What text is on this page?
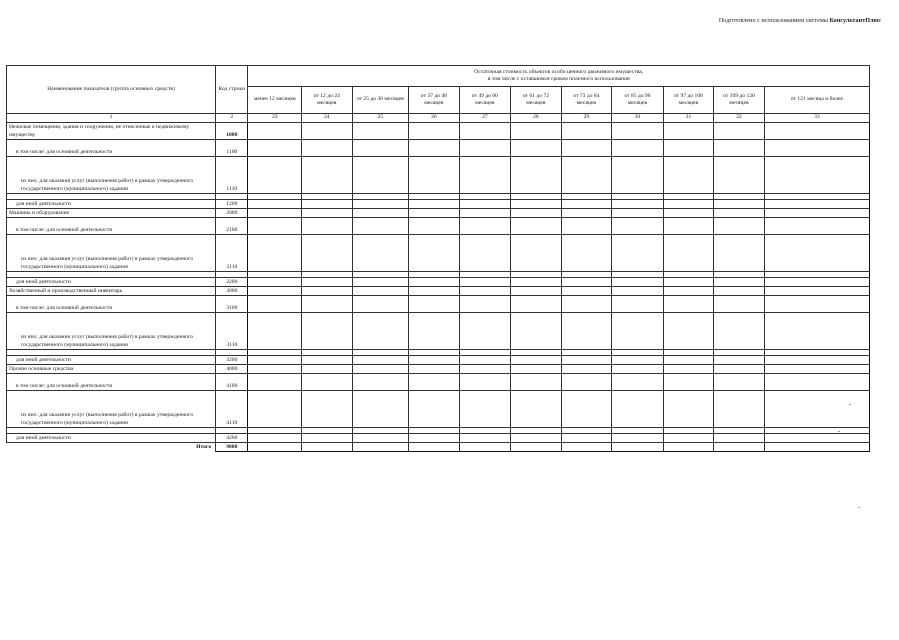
Подготовлено с использованием системы КонсультантПлюс
Наименование показателя (группа основных средств)	Код строки	Остаточная стоимость объектов особо ценного движимого имущества,
в том числе с оставшимся сроком полезного использования										

		менее 12 месяцев	от 12 до 24 месяцев	от 25 до 36 месяцев	от 37 до 48 месяцев	от 49 до 60 месяцев	от 61 до 72 месяцев	от 73 до 84 месяцев	от 85 до 96 месяцев	от 97 до 108 месяцев	от 109 до 120 месяцев	от 121 месяца и более
1	2	23	24	25	26	27	28	29	30	31	32	33
Нежилые помещения, здания и сооружения, не отнесенные к недвижимому имуществу	1000											
в том числе: для основной деятельности	1100											
из них: для оказания услуг (выполнения работ) в рамках утвержденного государственного (муниципального) задания	1110											

для иной деятельности	1200											
Машины и оборудование	2000											
в том числе: для основной деятельности	2100											
из них: для оказания услуг (выполнения работ) в рамках утвержденного государственного (муниципального) задания	2110											

для иной деятельности	2200											
Хозяйственный и производственный инвентарь	3000											
в том числе: для основной деятельности	3100											
из них: для оказания услуг (выполнения работ) в рамках утвержденного государственного (муниципального) задания	3110											

для иной деятельности	3200											
Прочие основные средства	4000											
в том числе: для основной деятельности	4100											
из них: для оказания услуг (выполнения работ) в рамках утвержденного государственного (муниципального) задания	4110											

для иной деятельности	4200											
Итого	9000											
